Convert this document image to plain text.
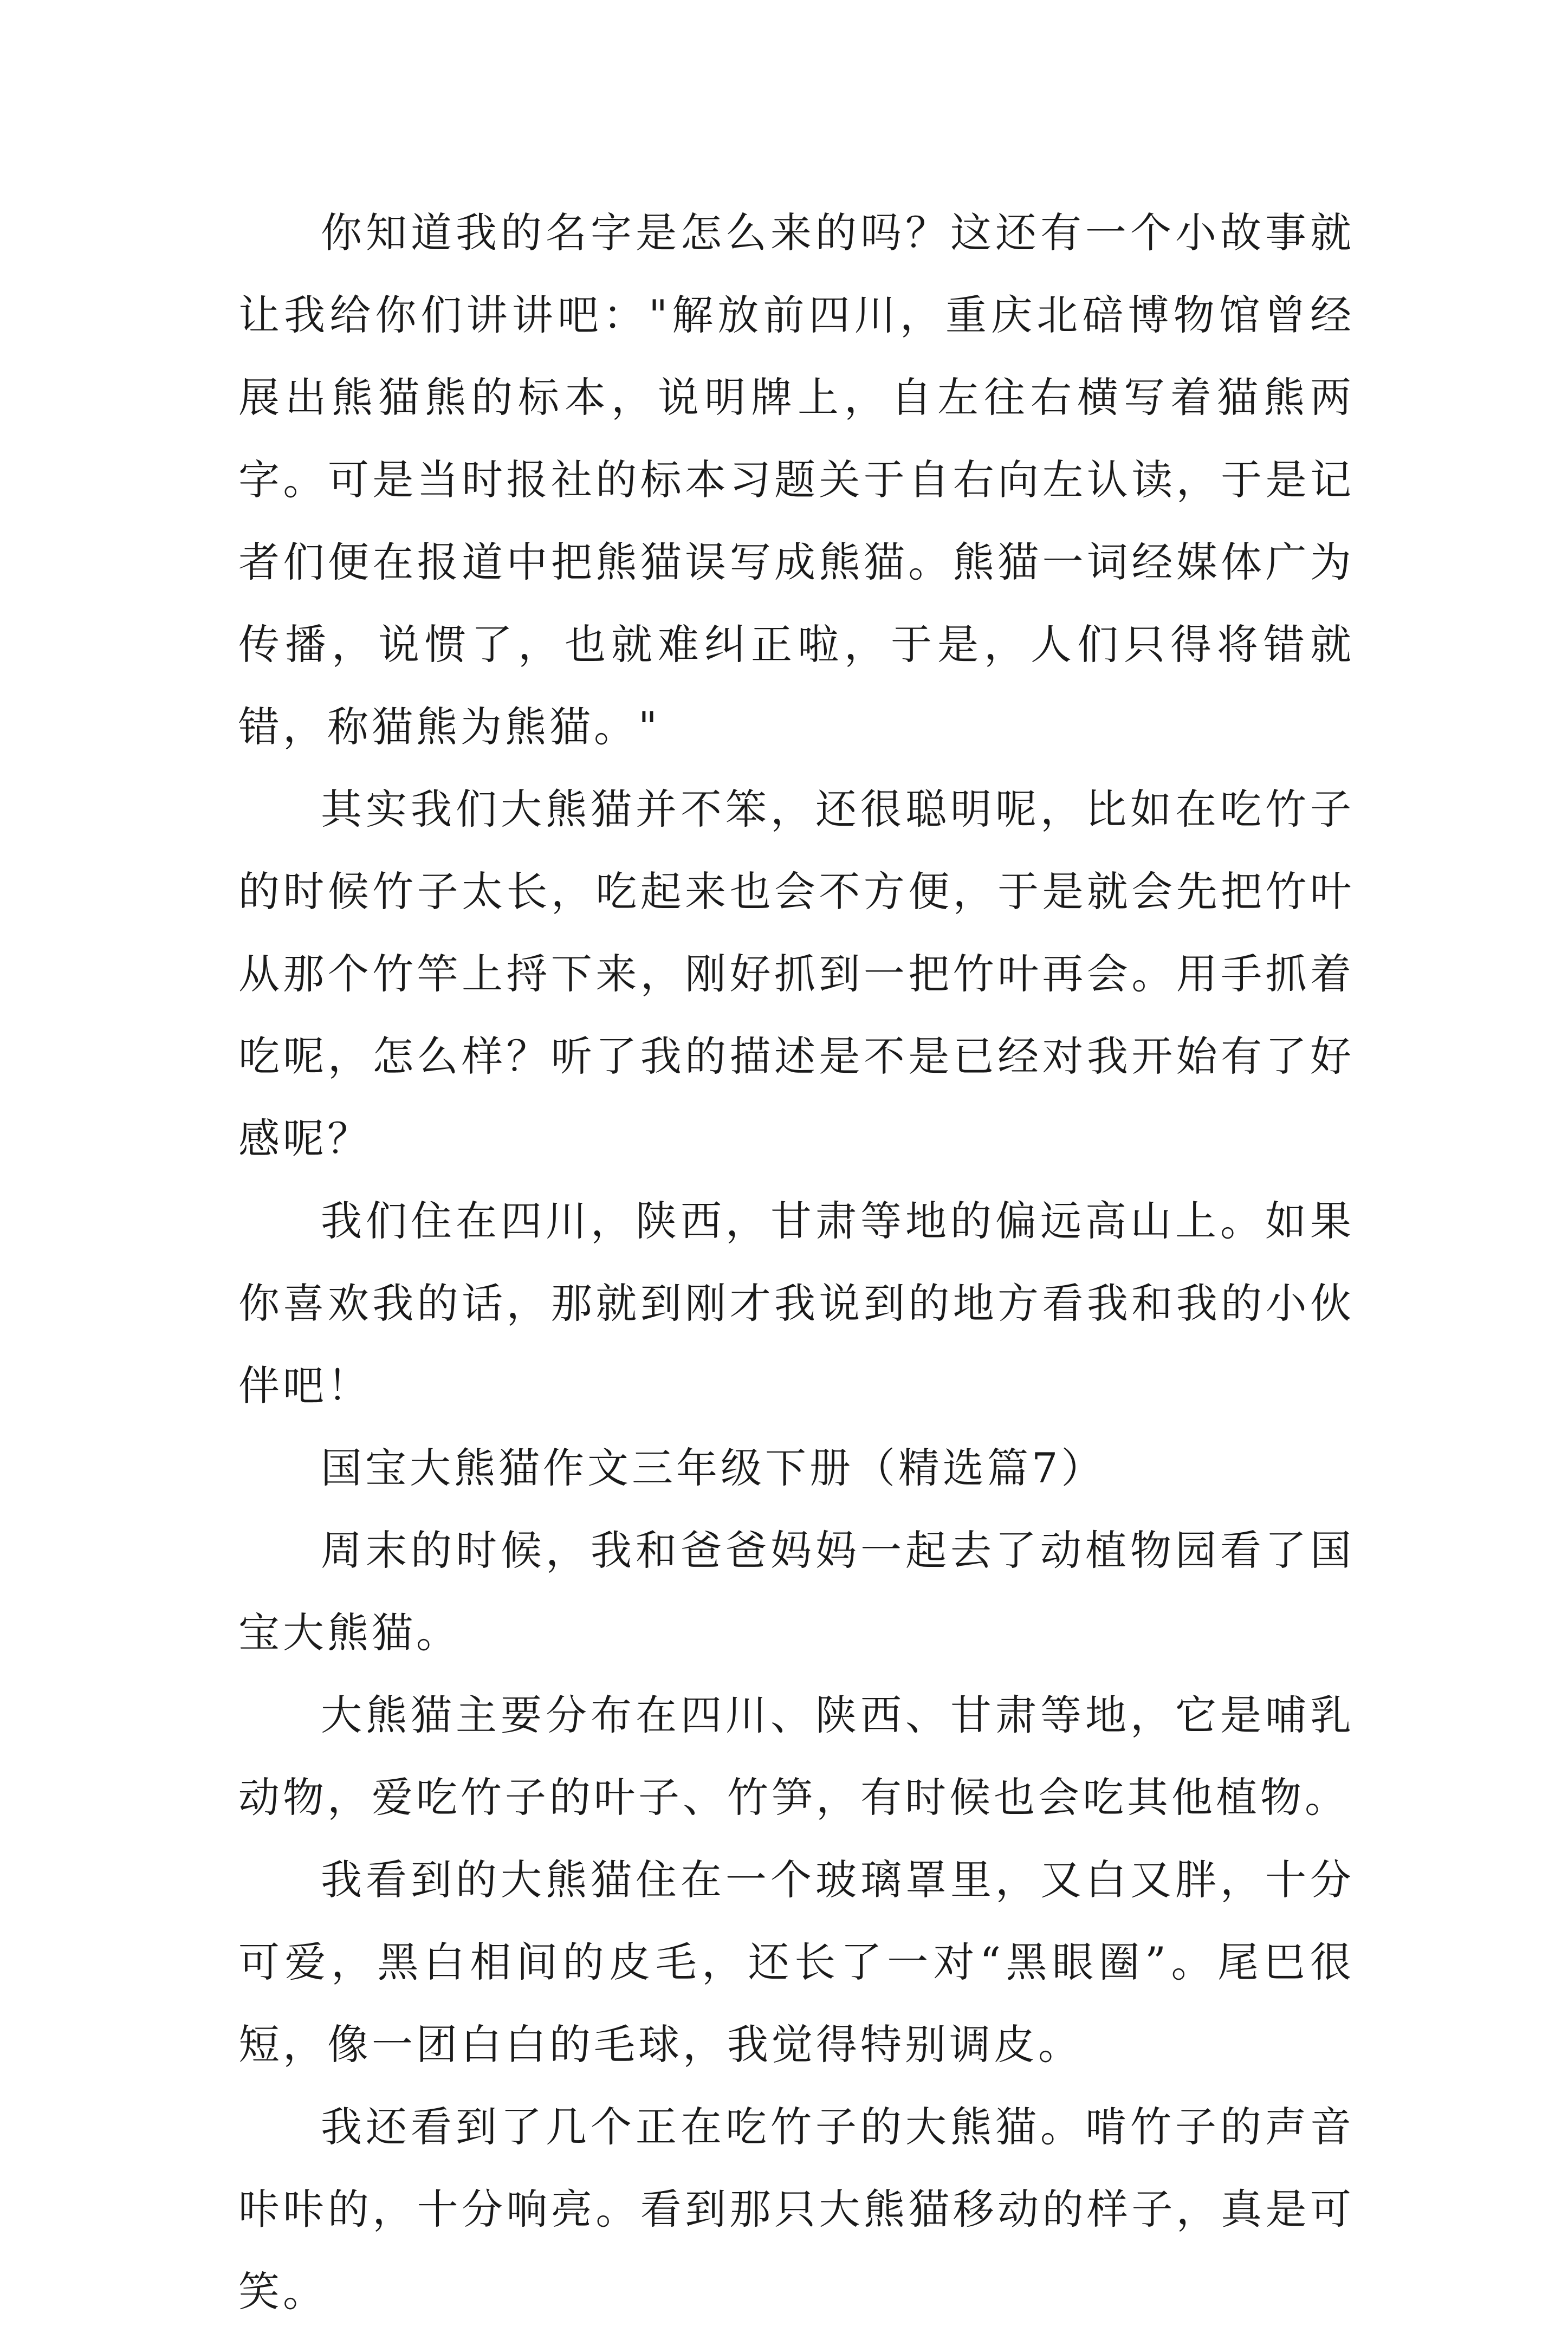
你知道我的名字是怎么来的吗？这还有一个小故事就让我给你们讲讲吧："解放前四川，重庆北碚博物馆曾经展出熊猫熊的标本，说明牌上，自左往右横写着猫熊两字。可是当时报社的标本习题关于自右向左认读，于是记者们便在报道中把熊猫误写成熊猫。熊猫一词经媒体广为传播，说惯了，也就难纠正啦，于是，人们只得将错就错，称猫熊为熊猫。"

其实我们大熊猫并不笨，还很聪明呢，比如在吃竹子的时候竹子太长，吃起来也会不方便，于是就会先把竹叶从那个竹竿上捋下来，刚好抓到一把竹叶再会。用手抓着吃呢，怎么样？听了我的描述是不是已经对我开始有了好感呢？

我们住在四川，陕西，甘肃等地的偏远高山上。如果你喜欢我的话，那就到刚才我说到的地方看我和我的小伙伴吧！

国宝大熊猫作文三年级下册（精选篇7）

周末的时候，我和爸爸妈妈一起去了动植物园看了国宝大熊猫。

大熊猫主要分布在四川、陕西、甘肃等地，它是哺乳动物，爱吃竹子的叶子、竹笋，有时候也会吃其他植物。

我看到的大熊猫住在一个玻璃罩里，又白又胖，十分可爱，黑白相间的皮毛，还长了一对“黑眼圈”。尾巴很短，像一团白白的毛球，我觉得特别调皮。

我还看到了几个正在吃竹子的大熊猫。啃竹子的声音咔咔的，十分响亮。看到那只大熊猫移动的样子，真是可笑。
